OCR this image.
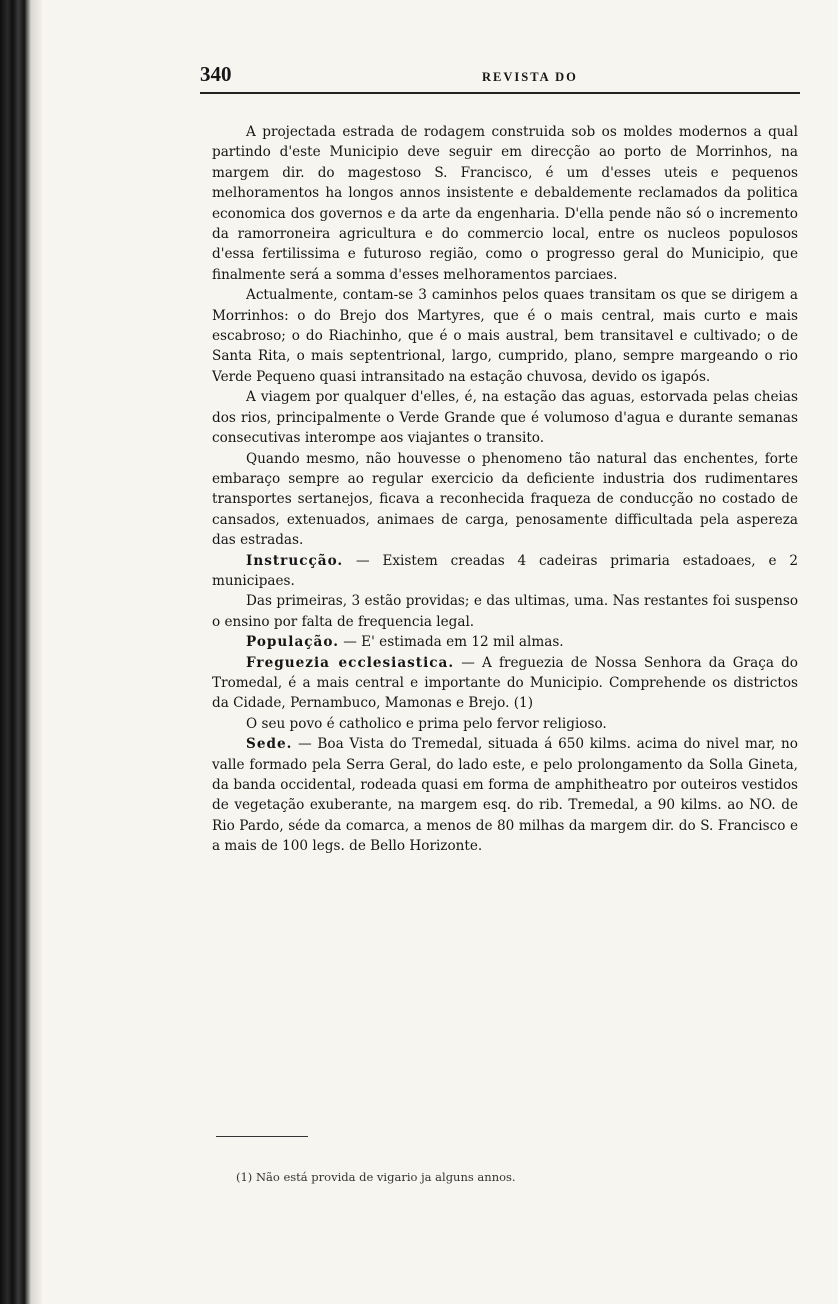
340	REVISTA DO

A projectada estrada de rodagem construida sob os moldes modernos a qual partindo d'este Municipio deve seguir em direcção ao porto de Morrinhos, na margem dir. do magestoso S. Francisco, é um d'esses uteis e pequenos melhoramentos ha longos annos insistente e debaldemente reclamados da politica economica dos governos e da arte da engenharia. D'ella pende não só o incremento da ramorroneira agricultura e do commercio local, entre os nucleos populosos d'essa fertilissima e futuroso região, como o progresso geral do Municipio, que finalmente será a somma d'esses melhoramentos parciaes.

Actualmente, contam-se 3 caminhos pelos quaes transitam os que se dirigem a Morrinhos: o do Brejo dos Martyres, que é o mais central, mais curto e mais escabroso; o do Riachinho, que é o mais austral, bem transitavel e cultivado; o de Santa Rita, o mais septentrional, largo, cumprido, plano, sempre margeando o rio Verde Pequeno quasi intransitado na estação chuvosa, devido os igapós.

A viagem por qualquer d'elles, é, na estação das aguas, estorvada pelas cheias dos rios, principalmente o Verde Grande que é volumoso d'agua e durante semanas consecutivas interompe aos viajantes o transito.

Quando mesmo, não houvesse o phenomeno tão natural das enchentes, forte embaraço sempre ao regular exercicio da deficiente industria dos rudimentares transportes sertanejos, ficava a reconhecida fraqueza de conducção no costado de cansados, extenuados, animaes de carga, penosamente difficultada pela aspereza das estradas.

Instrucção. — Existem creadas 4 cadeiras primaria estadoaes, e 2 municipaes.

Das primeiras, 3 estão providas; e das ultimas, uma. Nas restantes foi suspenso o ensino por falta de frequencia legal.

População. — E' estimada em 12 mil almas.

Freguezia ecclesiastica. — A freguezia de Nossa Senhora da Graça do Tromedal, é a mais central e importante do Municipio. Comprehende os districtos da Cidade, Pernambuco, Mamonas e Brejo. (1)

O seu povo é catholico e prima pelo fervor religioso.

Sede. — Boa Vista do Tremedal, situada á 650 kilms. acima do nivel mar, no valle formado pela Serra Geral, do lado este, e pelo prolongamento da Solla Gineta, da banda occidental, rodeada quasi em forma de amphitheatro por outeiros vestidos de vegetação exuberante, na margem esq. do rib. Tremedal, a 90 kilms. ao NO. de Rio Pardo, séde da comarca, a menos de 80 milhas da margem dir. do S. Francisco e a mais de 100 legs. de Bello Horizonte.

(1) Não está provida de vigario ja alguns annos.
